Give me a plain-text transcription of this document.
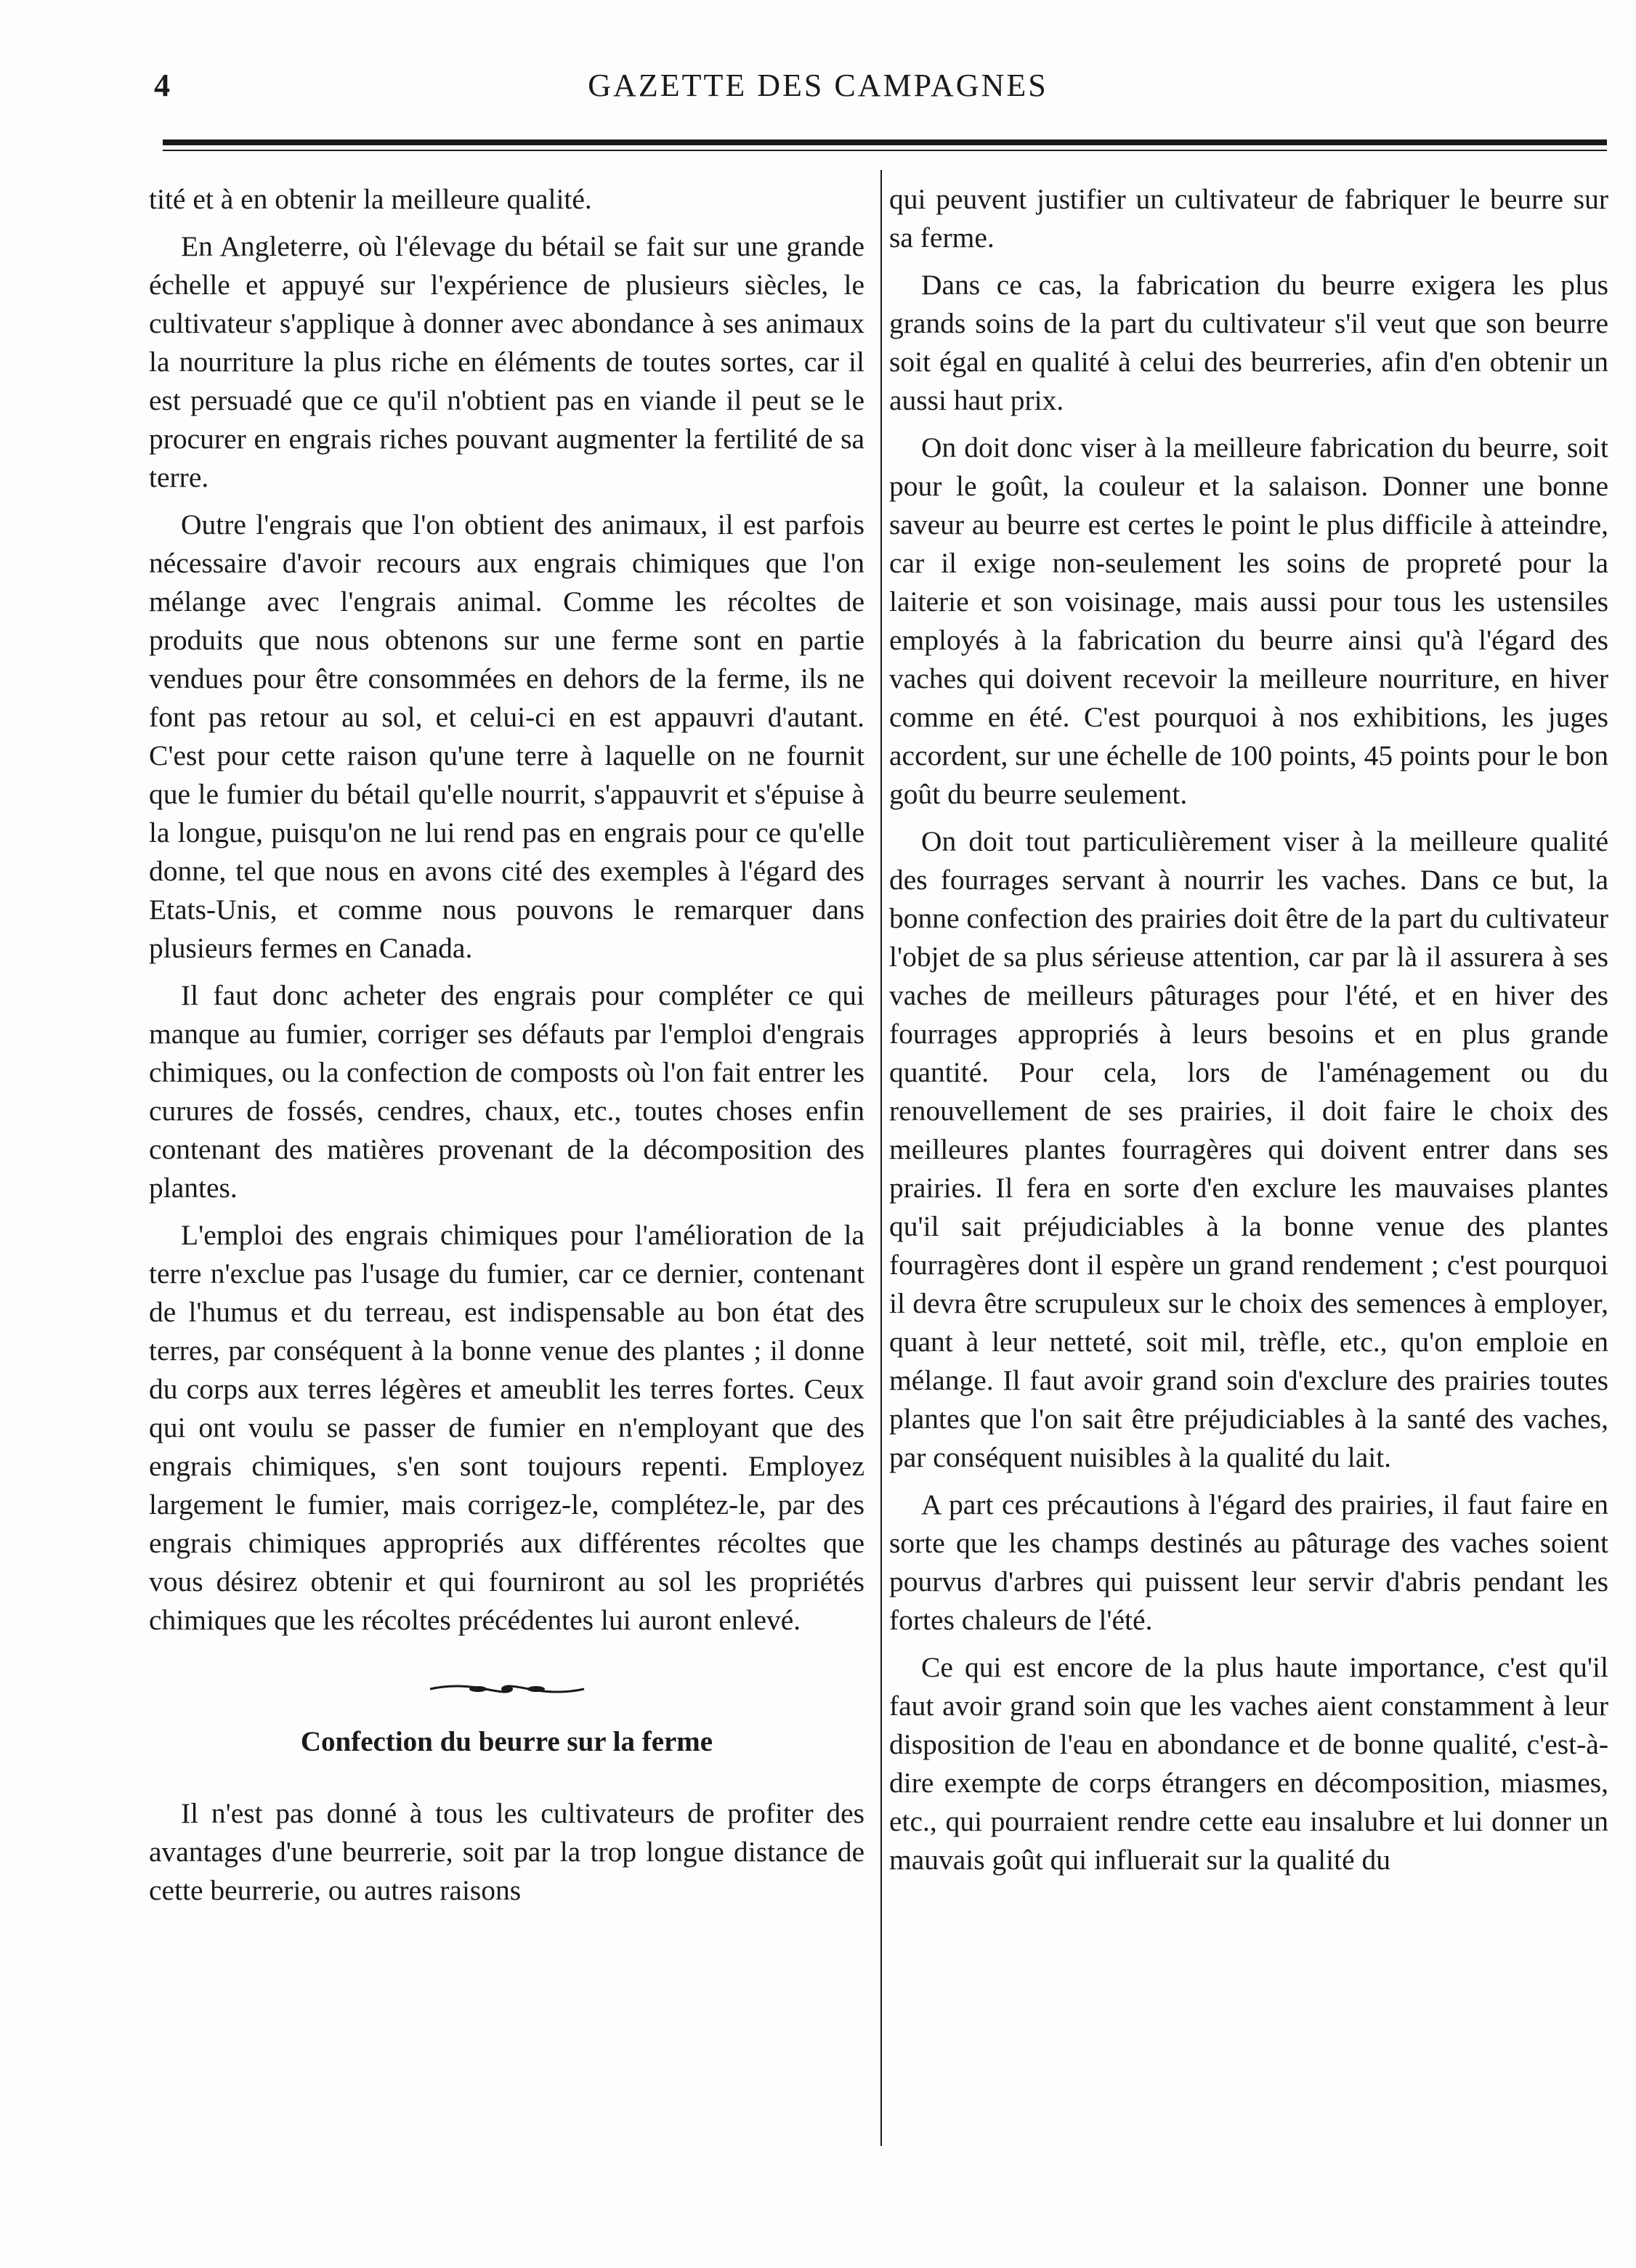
4	GAZETTE DES CAMPAGNES

tité et à en obtenir la meilleure qualité.

En Angleterre, où l'élevage du bétail se fait sur une grande échelle et appuyé sur l'expérience de plusieurs siècles, le cultivateur s'applique à donner avec abondance à ses animaux la nourriture la plus riche en éléments de toutes sortes, car il est persuadé que ce qu'il n'obtient pas en viande il peut se le procurer en engrais riches pouvant augmenter la fertilité de sa terre.

Outre l'engrais que l'on obtient des animaux, il est parfois nécessaire d'avoir recours aux engrais chimiques que l'on mélange avec l'engrais animal. Comme les récoltes de produits que nous obtenons sur une ferme sont en partie vendues pour être consommées en dehors de la ferme, ils ne font pas retour au sol, et celui-ci en est appauvri d'autant. C'est pour cette raison qu'une terre à laquelle on ne fournit que le fumier du bétail qu'elle nourrit, s'appauvrit et s'épuise à la longue, puisqu'on ne lui rend pas en engrais pour ce qu'elle donne, tel que nous en avons cité des exemples à l'égard des Etats-Unis, et comme nous pouvons le remarquer dans plusieurs fermes en Canada.

Il faut donc acheter des engrais pour compléter ce qui manque au fumier, corriger ses défauts par l'emploi d'engrais chimiques, ou la confection de composts où l'on fait entrer les curures de fossés, cendres, chaux, etc., toutes choses enfin contenant des matières provenant de la décomposition des plantes.

L'emploi des engrais chimiques pour l'amélioration de la terre n'exclue pas l'usage du fumier, car ce dernier, contenant de l'humus et du terreau, est indispensable au bon état des terres, par conséquent à la bonne venue des plantes ; il donne du corps aux terres légères et ameublit les terres fortes. Ceux qui ont voulu se passer de fumier en n'employant que des engrais chimiques, s'en sont toujours repenti. Employez largement le fumier, mais corrigez-le, complétez-le, par des engrais chimiques appropriés aux différentes récoltes que vous désirez obtenir et qui fourniront au sol les propriétés chimiques que les récoltes précédentes lui auront enlevé.

Confection du beurre sur la ferme

Il n'est pas donné à tous les cultivateurs de profiter des avantages d'une beurrerie, soit par la trop longue distance de cette beurrerie, ou autres raisons

qui peuvent justifier un cultivateur de fabriquer le beurre sur sa ferme.

Dans ce cas, la fabrication du beurre exigera les plus grands soins de la part du cultivateur s'il veut que son beurre soit égal en qualité à celui des beurreries, afin d'en obtenir un aussi haut prix.

On doit donc viser à la meilleure fabrication du beurre, soit pour le goût, la couleur et la salaison. Donner une bonne saveur au beurre est certes le point le plus difficile à atteindre, car il exige non-seulement les soins de propreté pour la laiterie et son voisinage, mais aussi pour tous les ustensiles employés à la fabrication du beurre ainsi qu'à l'égard des vaches qui doivent recevoir la meilleure nourriture, en hiver comme en été. C'est pourquoi à nos exhibitions, les juges accordent, sur une échelle de 100 points, 45 points pour le bon goût du beurre seulement.

On doit tout particulièrement viser à la meilleure qualité des fourrages servant à nourrir les vaches. Dans ce but, la bonne confection des prairies doit être de la part du cultivateur l'objet de sa plus sérieuse attention, car par là il assurera à ses vaches de meilleurs pâturages pour l'été, et en hiver des fourrages appropriés à leurs besoins et en plus grande quantité. Pour cela, lors de l'aménagement ou du renouvellement de ses prairies, il doit faire le choix des meilleures plantes fourragères qui doivent entrer dans ses prairies. Il fera en sorte d'en exclure les mauvaises plantes qu'il sait préjudiciables à la bonne venue des plantes fourragères dont il espère un grand rendement ; c'est pourquoi il devra être scrupuleux sur le choix des semences à employer, quant à leur netteté, soit mil, trèfle, etc., qu'on emploie en mélange. Il faut avoir grand soin d'exclure des prairies toutes plantes que l'on sait être préjudiciables à la santé des vaches, par conséquent nuisibles à la qualité du lait.

A part ces précautions à l'égard des prairies, il faut faire en sorte que les champs destinés au pâturage des vaches soient pourvus d'arbres qui puissent leur servir d'abris pendant les fortes chaleurs de l'été.

Ce qui est encore de la plus haute importance, c'est qu'il faut avoir grand soin que les vaches aient constamment à leur disposition de l'eau en abondance et de bonne qualité, c'est-à-dire exempte de corps étrangers en décomposition, miasmes, etc., qui pourraient rendre cette eau insalubre et lui donner un mauvais goût qui influerait sur la qualité du
